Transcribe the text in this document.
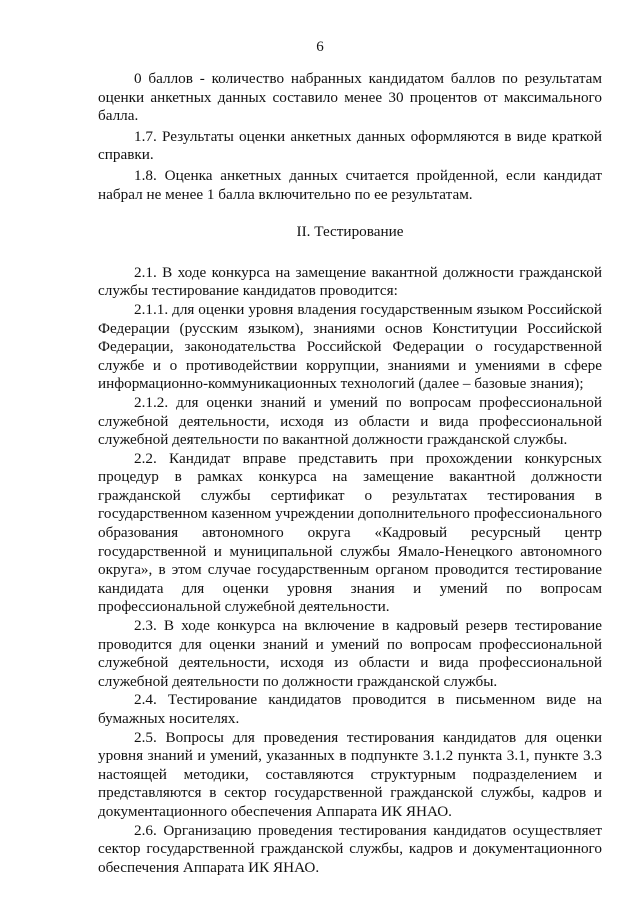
6

0 баллов - количество набранных кандидатом баллов по результатам оценки анкетных данных составило менее 30 процентов от максимального балла.

1.7. Результаты оценки анкетных данных оформляются в виде краткой справки.

1.8. Оценка анкетных данных считается пройденной, если кандидат набрал не менее 1 балла включительно по ее результатам.

II. Тестирование

2.1. В ходе конкурса на замещение вакантной должности гражданской службы тестирование кандидатов проводится:

2.1.1. для оценки уровня владения государственным языком Российской Федерации (русским языком), знаниями основ Конституции Российской Федерации, законодательства Российской Федерации о государственной службе и о противодействии коррупции, знаниями и умениями в сфере информационно-коммуникационных технологий (далее – базовые знания);

2.1.2. для оценки знаний и умений по вопросам профессиональной служебной деятельности, исходя из области и вида профессиональной служебной деятельности по вакантной должности гражданской службы.

2.2. Кандидат вправе представить при прохождении конкурсных процедур в рамках конкурса на замещение вакантной должности гражданской службы сертификат о результатах тестирования в государственном казенном учреждении дополнительного профессионального образования автономного округа «Кадровый ресурсный центр государственной и муниципальной службы Ямало-Ненецкого автономного округа», в этом случае государственным органом проводится тестирование кандидата для оценки уровня знания и умений по вопросам профессиональной служебной деятельности.

2.3. В ходе конкурса на включение в кадровый резерв тестирование проводится для оценки знаний и умений по вопросам профессиональной служебной деятельности, исходя из области и вида профессиональной служебной деятельности по должности гражданской службы.

2.4. Тестирование кандидатов проводится в письменном виде на бумажных носителях.

2.5. Вопросы для проведения тестирования кандидатов для оценки уровня знаний и умений, указанных в подпункте 3.1.2 пункта 3.1, пункте 3.3 настоящей методики, составляются структурным подразделением и представляются в сектор государственной гражданской службы, кадров и документационного обеспечения Аппарата ИК ЯНАО.

2.6. Организацию проведения тестирования кандидатов осуществляет сектор государственной гражданской службы, кадров и документационного обеспечения Аппарата ИК ЯНАО.
